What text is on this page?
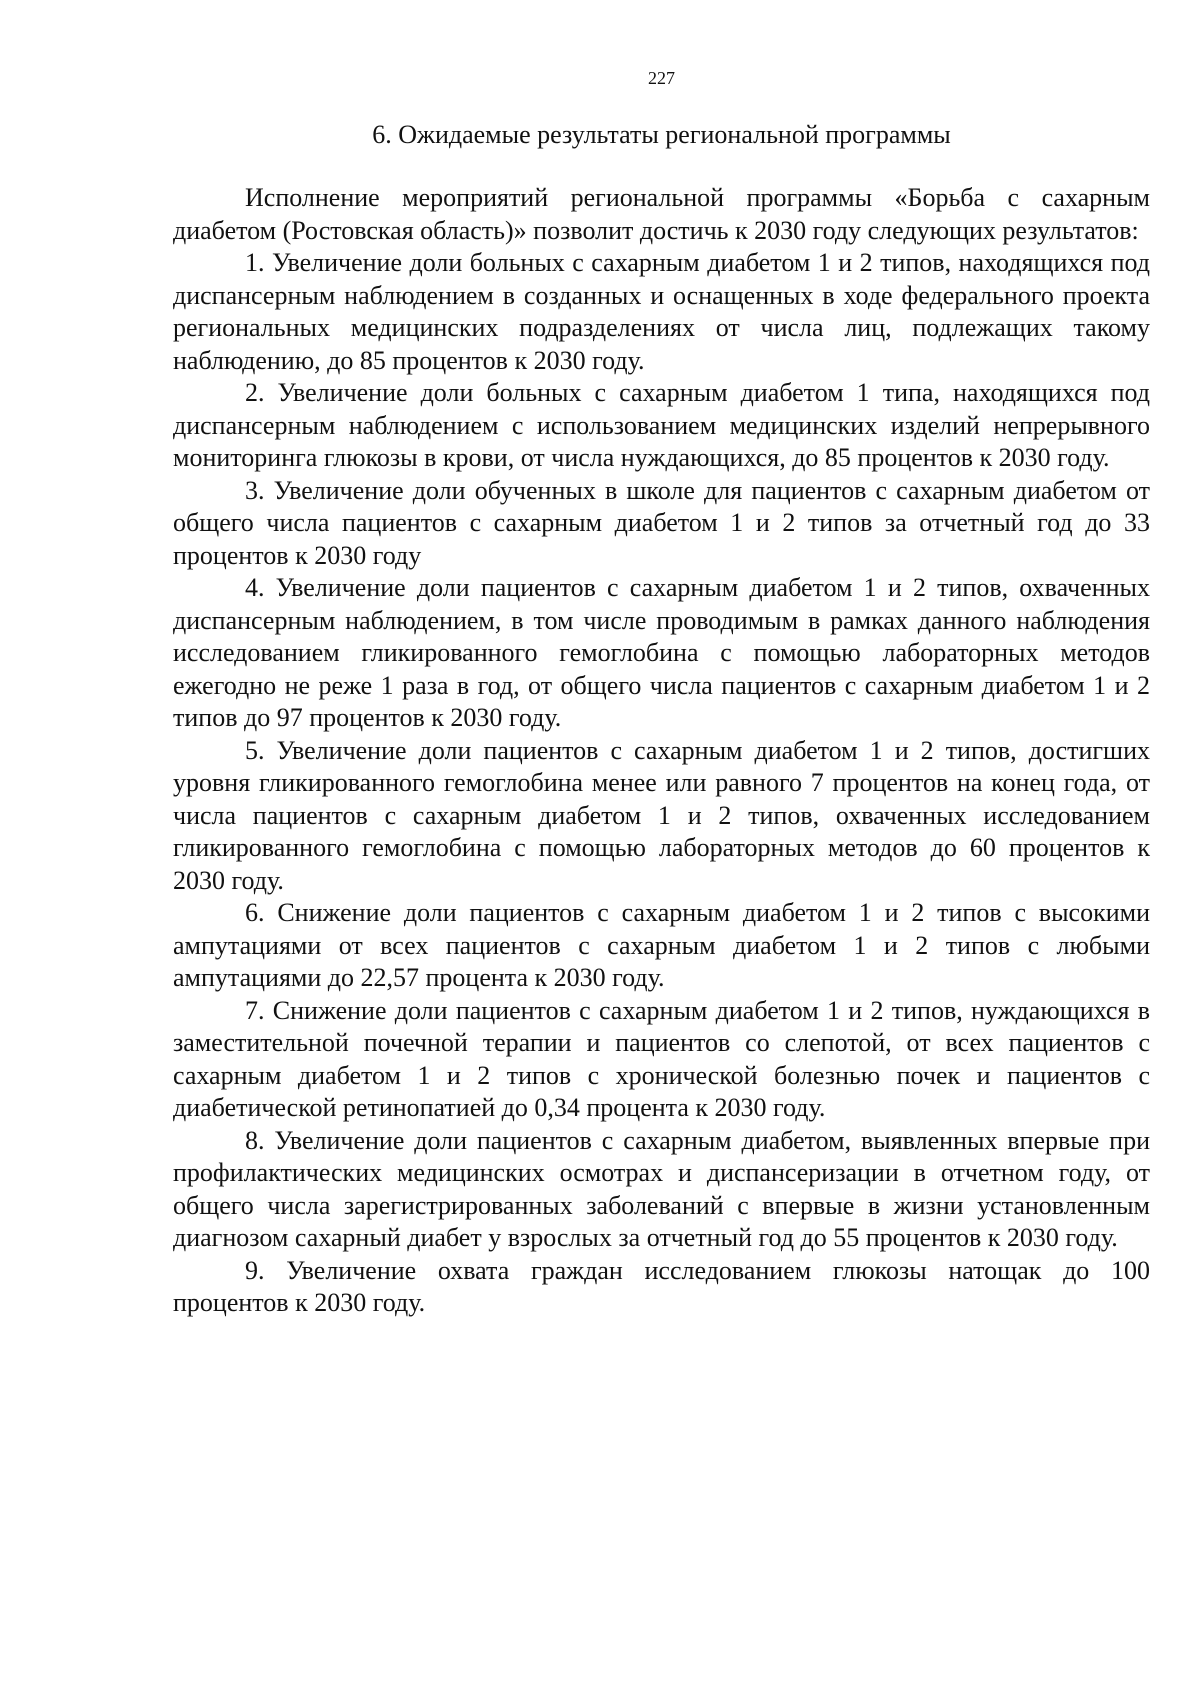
227
6. Ожидаемые результаты региональной программы

Исполнение мероприятий региональной программы «Борьба с сахарным диабетом (Ростовская область)» позволит достичь к 2030 году следующих результатов:

1. Увеличение доли больных с сахарным диабетом 1 и 2 типов, находящихся под диспансерным наблюдением в созданных и оснащенных в ходе федерального проекта региональных медицинских подразделениях от числа лиц, подлежащих такому наблюдению, до 85 процентов к 2030 году.

2. Увеличение доли больных с сахарным диабетом 1 типа, находящихся под диспансерным наблюдением с использованием медицинских изделий непрерывного мониторинга глюкозы в крови, от числа нуждающихся, до 85 процентов к 2030 году.

3. Увеличение доли обученных в школе для пациентов с сахарным диабетом от общего числа пациентов с сахарным диабетом 1 и 2 типов за отчетный год до 33 процентов к 2030 году

4. Увеличение доли пациентов с сахарным диабетом 1 и 2 типов, охваченных диспансерным наблюдением, в том числе проводимым в рамках данного наблюдения исследованием гликированного гемоглобина с помощью лабораторных методов ежегодно не реже 1 раза в год, от общего числа пациентов с сахарным диабетом 1 и 2 типов до 97 процентов к 2030 году.

5. Увеличение доли пациентов с сахарным диабетом 1 и 2 типов, достигших уровня гликированного гемоглобина менее или равного 7 процентов на конец года, от числа пациентов с сахарным диабетом 1 и 2 типов, охваченных исследованием гликированного гемоглобина с помощью лабораторных методов до 60 процентов к 2030 году.

6. Снижение доли пациентов с сахарным диабетом 1 и 2 типов с высокими ампутациями от всех пациентов с сахарным диабетом 1 и 2 типов с любыми ампутациями до 22,57 процента к 2030 году.

7. Снижение доли пациентов с сахарным диабетом 1 и 2 типов, нуждающихся в заместительной почечной терапии и пациентов со слепотой, от всех пациентов с сахарным диабетом 1 и 2 типов с хронической болезнью почек и пациентов с диабетической ретинопатией до 0,34 процента к 2030 году.

8. Увеличение доли пациентов с сахарным диабетом, выявленных впервые при профилактических медицинских осмотрах и диспансеризации в отчетном году, от общего числа зарегистрированных заболеваний с впервые в жизни установленным диагнозом сахарный диабет у взрослых за отчетный год до 55 процентов к 2030 году.

9. Увеличение охвата граждан исследованием глюкозы натощак до 100 процентов к 2030 году.
